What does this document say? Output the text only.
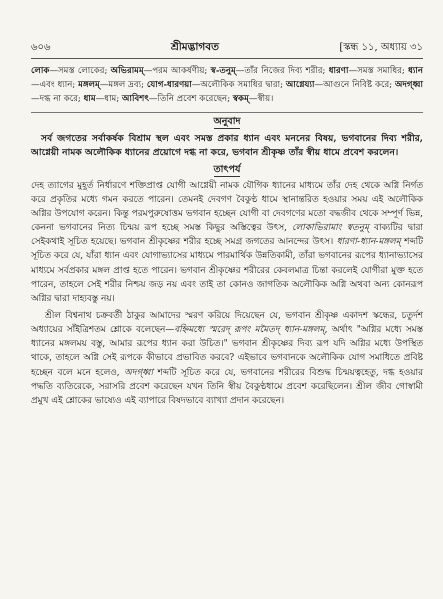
৬০৬	শ্রীমদ্ভাগবত	[স্কন্ধ ১১, অধ্যায় ৩১
লোক—সমস্ত লোকের; অভিরামম্—পরম আকর্ষণীয়; স্ব-তনুম্—তাঁর নিজের দিব্য শরীর; ধারণা—সমস্ত সমাধির; ধ্যান—এবং ধ্যান; মঙ্গলম্—মঙ্গল দ্রব্য; যোগ-ধারণয়া—অলৌকিক সমাধির দ্বারা; আগ্নেয্যা—আগুনে নিবিষ্ট করে; অদগ্ধ্বা—দগ্ধ না করে; ধাম—ধাম; আবিশৎ—তিনি প্রবেশ করেছেন; স্বকম্—স্বীয়।
অনুবাদ

সর্ব জগতের সর্বাকর্ষক বিশ্রাম স্থল এবং সমস্ত প্রকার ধ্যান এবং মননের বিষয়, ভগবানের দিব্য শরীর, আগ্নেয়ী নামক অলৌকিক ধ্যানের প্রয়োগে দগ্ধ না করে, ভগবান শ্রীকৃষ্ণ তাঁর স্বীয় ধামে প্রবেশ করলেন।

তাৎপর্য

দেহ ত্যাগের মুহূর্ত নির্ধারণে শক্তিপ্রাপ্ত যোগী আগ্নেয়ী নামক যৌগিক ধ্যানের মাধ্যমে তাঁর দেহ থেকে অগ্নি নির্গত করে প্রকৃতির মধ্যে গমন করতে পারেন। তেমনই দেবগণ বৈকুণ্ঠ ধামে স্থানান্তরিত হওয়ার সময় এই অলৌকিক অগ্নির উপযোগ করেন। কিন্তু পরমপুরুষোত্তম ভগবান হচ্ছেন যোগী বা দেবগণের মতো বদ্ধজীব থেকে সম্পূর্ণ ভিন্ন, কেননা ভগবানের নিত্য চিন্ময় রূপ হচ্ছে সমস্ত কিছুর অস্তিত্বের উৎস, লোকাভিরামাং স্বতনুম্ বাক্যটির দ্বারা সেইকথাই সূচিত হয়েছে। ভগবান শ্রীকৃষ্ণের শরীর হচ্ছে সমগ্র জগতের আনন্দের উৎস। ধারণা-ধ্যান-মঙ্গলম্ শব্দটি সূচিত করে যে, যাঁরা ধ্যান এবং যোগাভ্যাসের মাধ্যমে পারমার্থিক উন্নতিকামী, তাঁরা ভগবানের রূপের ধ্যানাভ্যাসের মাধ্যমে সর্বপ্রকার মঙ্গল প্রাপ্ত হতে পারেন। ভগবান শ্রীকৃষ্ণের শরীরের কেবলমাত্র চিন্তা করলেই যোগীরা মুক্ত হতে পারেন, তাহলে সেই শরীর নিশ্চয় জড় নয় এবং তাই তা কোনও জাগতিক অলৌকিক অগ্নি অথবা অন্য কোনরূপ অগ্নির দ্বারা দাহ্যবস্তু নয়।

শ্রীল বিশ্বনাথ চক্রবর্তী ঠাকুর আমাদের স্মরণ করিয়ে দিয়েছেন যে, ভগবান শ্রীকৃষ্ণ একাদশ স্কন্ধের, চতুর্দশ অধ্যায়ের সাঁইত্রিশতম শ্লোকে বলেছেন—বহ্নিমধ্যে স্মরেদ্ রূপং মমৈতদ্ ধ্যান-মঙ্গলম্, অর্থাৎ "অগ্নির মধ্যে সমস্ত ধ্যানের মঙ্গলময় বস্তু, আমার রূপের ধ্যান করা উচিত।" ভগবান শ্রীকৃষ্ণের দিব্য রূপ যদি অগ্নির মধ্যে উপস্থিত থাকে, তাহলে অগ্নি সেই রূপকে কীভাবে প্রভাবিত করবে? এইভাবে ভগবানকে অলৌকিক যোগ সমাধিতে প্রবিষ্ট হচ্ছেন বলে মনে হলেও, অদগ্ধ্বা শব্দটি সূচিত করে যে, ভগবানের শরীরের বিশুদ্ধ চিন্ময়ত্বহেতু, দগ্ধ হওয়ার পদ্ধতি ব্যতিরেকে, সরাসরি প্রবেশ করেছেন যখন তিনি স্বীয় বৈকুণ্ঠধামে প্রবেশ করেছিলেন। শ্রীল জীব গোস্বামী প্রমুখ এই শ্লোকের ভাষ্যেও এই ব্যাপারে বিষদভাবে ব্যাখ্যা প্রদান করেছেন।
